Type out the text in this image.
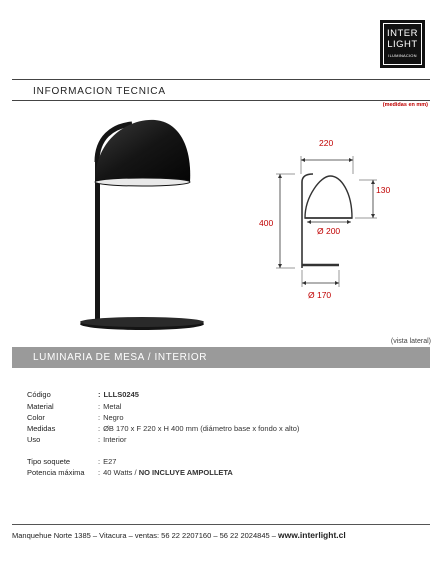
INTER
LIGHT
ILUMINACION
INFORMACION TECNICA
(medidas en mm)
220
130
400
Ø 200
Ø 170
(vista lateral)
LUMINARIA DE MESA / INTERIOR
Código	: LLLS0245
Material	: Metal
Color	: Negro
Medidas	: ØB 170 x F 220 x H 400 mm (diámetro base x fondo x alto)
Uso	: Interior
Tipo soquete	: E27
Potencia máxima : 40 Watts / NO INCLUYE AMPOLLETA
Manquehue Norte 1385 – Vitacura – ventas: 56 22 2207160 – 56 22 2024845 – www.interlight.cl
